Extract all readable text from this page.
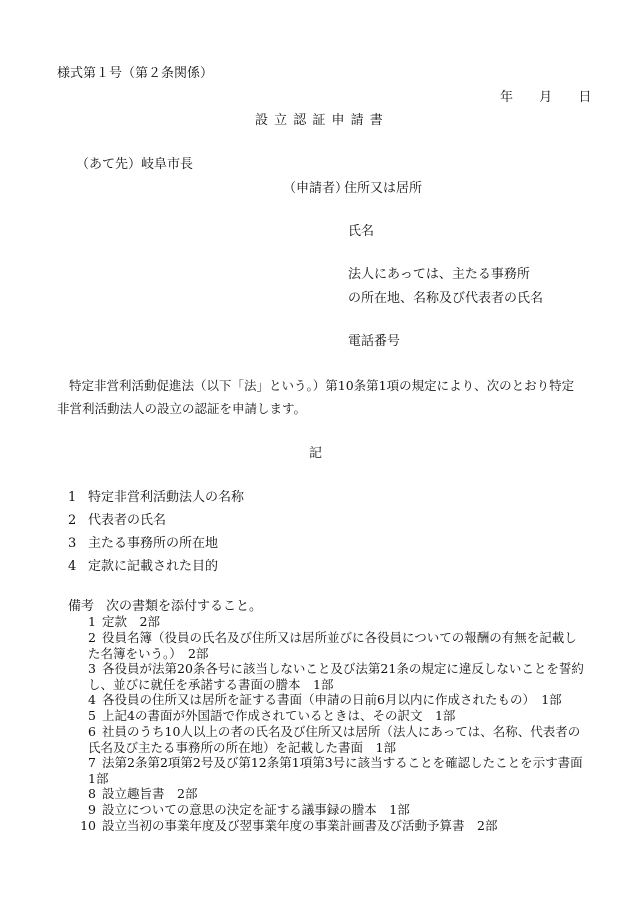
様式第１号（第２条関係）
年 月 日
設 立 認 証 申 請 書
（あて先）岐阜市長
（申請者）
住所又は居所
氏名
法人にあっては、主たる事務所
の所在地、名称及び代表者の氏名
電話番号
特定非営利活動促進法（以下「法」という。）第10条第1項の規定により、次のとおり特定
非営利活動法人の設立の認証を申請します。
記
1 特定非営利活動法人の名称
2 代表者の氏名
3 主たる事務所の所在地
4 定款に記載された目的
備考 次の書類を添付すること。
1 定款　2部
2 役員名簿（役員の氏名及び住所又は居所並びに各役員についての報酬の有無を記載し
た名簿をいう。）　2部
3 各役員が法第20条各号に該当しないこと及び法第21条の規定に違反しないことを誓約
し、並びに就任を承諾する書面の謄本　1部
4 各役員の住所又は居所を証する書面（申請の日前6月以内に作成されたもの）　1部
5 上記4の書面が外国語で作成されているときは、その訳文　1部
6 社員のうち10人以上の者の氏名及び住所又は居所（法人にあっては、名称、代表者の
氏名及び主たる事務所の所在地）を記載した書面　1部
7 法第2条第2項第2号及び第12条第1項第3号に該当することを確認したことを示す書面
1部
8 設立趣旨書　2部
9 設立についての意思の決定を証する議事録の謄本　1部
10 設立当初の事業年度及び翌事業年度の事業計画書及び活動予算書　2部
